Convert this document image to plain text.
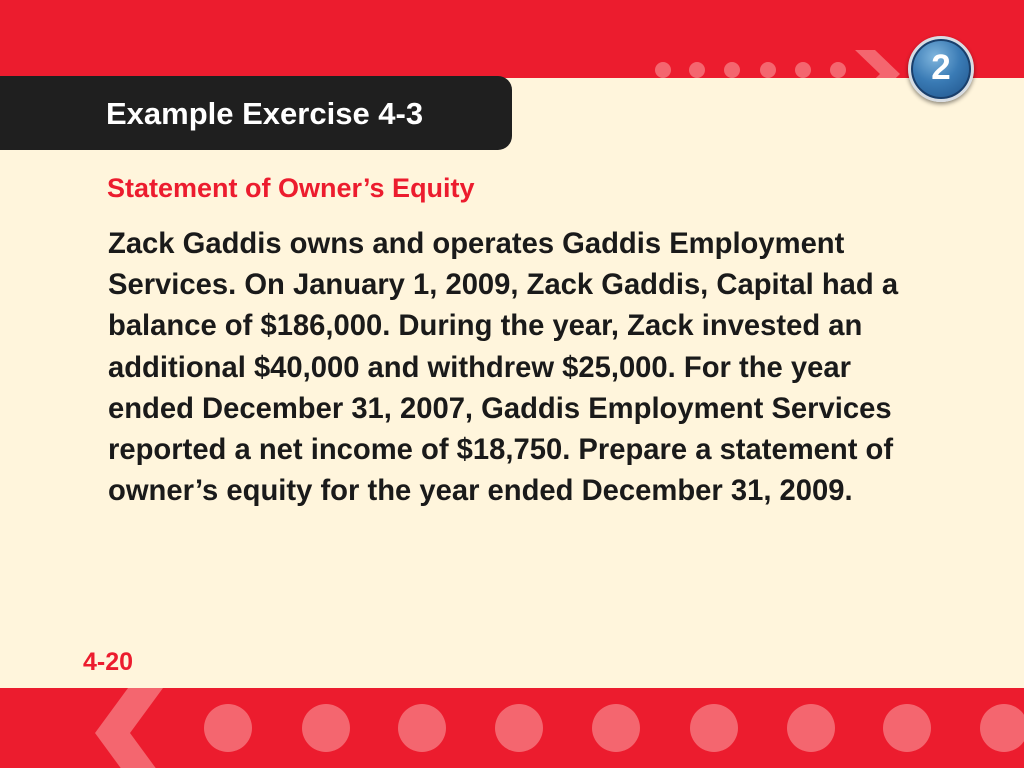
Example Exercise 4-3
2
Statement of Owner’s Equity
Zack Gaddis owns and operates Gaddis Employment Services. On January 1, 2009, Zack Gaddis, Capital had a balance of $186,000. During the year, Zack invested an additional $40,000 and withdrew $25,000. For the year ended December 31, 2007, Gaddis Employment Services reported a net income of $18,750. Prepare a statement of owner’s equity for the year ended December 31, 2009.
4-20
